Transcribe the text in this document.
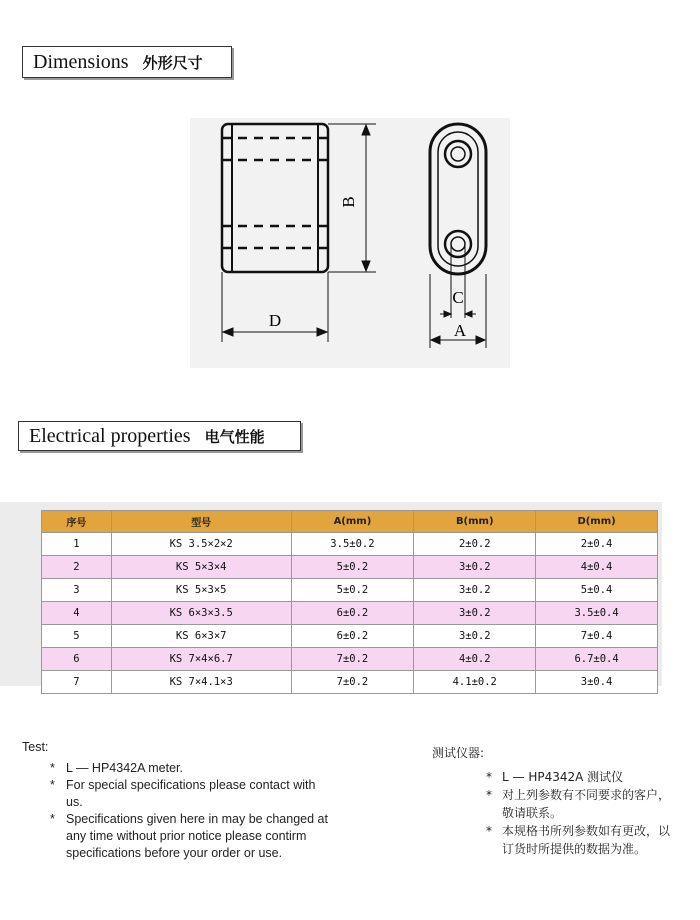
Dimensions 外形尺寸
B
D
C
A
Electrical properties 电气性能
序号	型号	A(mm)	B(mm)	D(mm)
1	KS 3.5×2×2	3.5±0.2	2±0.2	2±0.4
2	KS 5×3×4	5±0.2	3±0.2	4±0.4
3	KS 5×3×5	5±0.2	3±0.2	5±0.4
4	KS 6×3×3.5	6±0.2	3±0.2	3.5±0.4
5	KS 6×3×7	6±0.2	3±0.2	7±0.4
6	KS 7×4×6.7	7±0.2	4±0.2	6.7±0.4
7	KS 7×4.1×3	7±0.2	4.1±0.2	3±0.4
Test:
* L — HP4342A meter.
* For special specifications please contact with us.
* Specifications given here in may be changed at any time without prior notice please contirm specifications before your order or use.
测试仪器:
* L — HP4342A 测试仪
* 对上列参数有不同要求的客户，敬请联系。
* 本规格书所列参数如有更改，以订货时所提供的数据为准。
